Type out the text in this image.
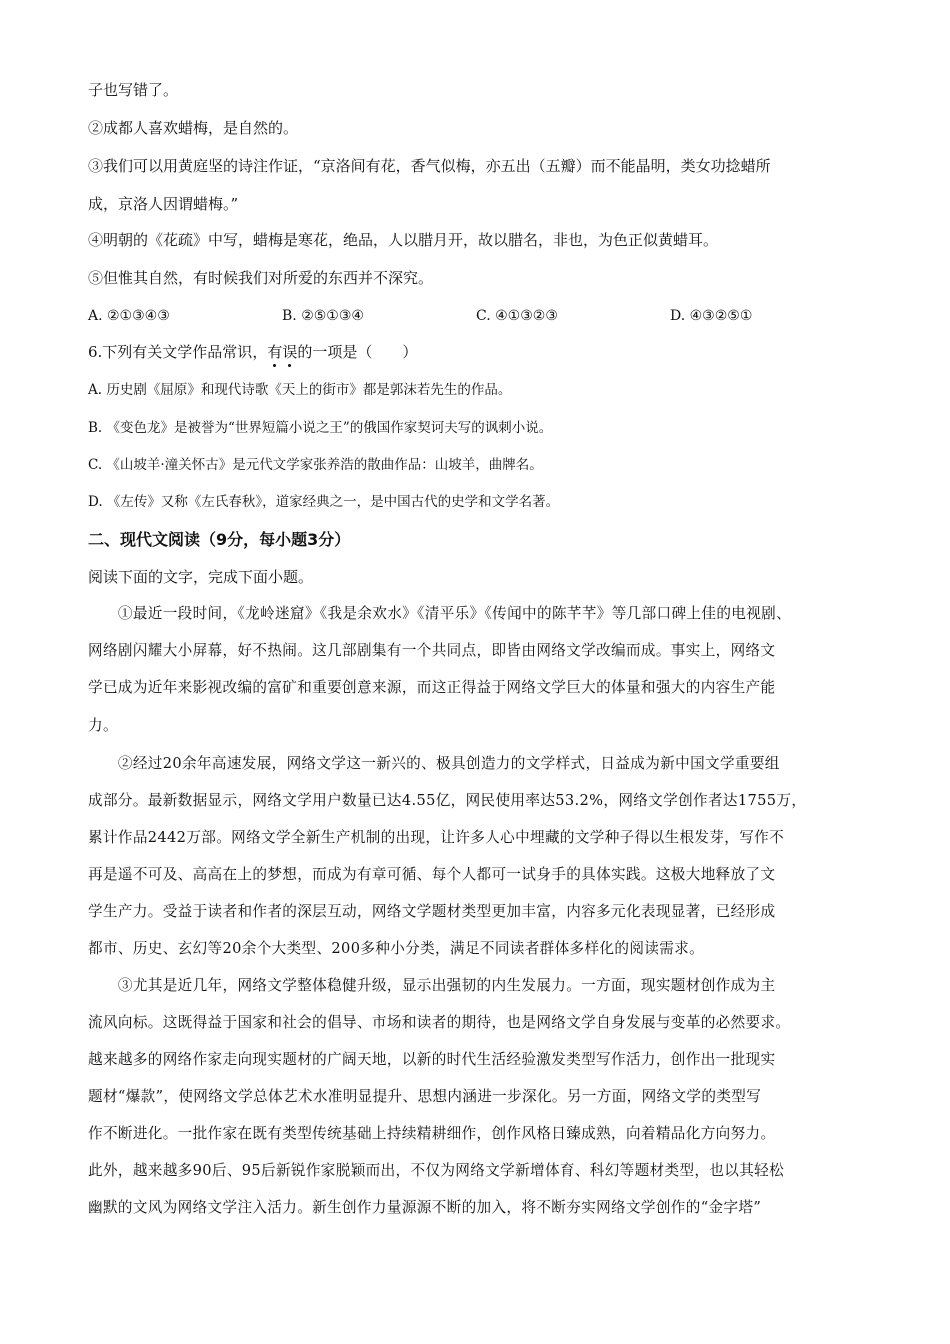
子也写错了。
②成都人喜欢蜡梅，是自然的。
③我们可以用黄庭坚的诗注作证，“京洛间有花，香气似梅，亦五出（五瓣）而不能晶明，类女功捻蜡所
成，京洛人因谓蜡梅。”
④明朝的《花疏》中写，蜡梅是寒花，绝品，人以腊月开，故以腊名，非也，为色正似黄蜡耳。
⑤但惟其自然，有时候我们对所爱的东西并不深究。
A. ②①③④③	B. ②⑤①③④	C. ④①③②③	D. ④③②⑤①
6.下列有关文学作品常识，有误的一项是（　　）
A. 历史剧《屈原》和现代诗歌《天上的街市》都是郭沫若先生的作品。
B. 《变色龙》是被誉为“世界短篇小说之王”的俄国作家契诃夫写的讽刺小说。
C. 《山坡羊·潼关怀古》是元代文学家张养浩的散曲作品：山坡羊，曲牌名。
D. 《左传》又称《左氏春秋》，道家经典之一，是中国古代的史学和文学名著。
二、现代文阅读（9分，每小题3分）
阅读下面的文字，完成下面小题。
　　①最近一段时间，《龙岭迷窟》《我是余欢水》《清平乐》《传闻中的陈芊芊》等几部口碑上佳的电视剧、
网络剧闪耀大小屏幕，好不热闹。这几部剧集有一个共同点，即皆由网络文学改编而成。事实上，网络文
学已成为近年来影视改编的富矿和重要创意来源，而这正得益于网络文学巨大的体量和强大的内容生产能
力。
　　②经过20余年高速发展，网络文学这一新兴的、极具创造力的文学样式，日益成为新中国文学重要组
成部分。最新数据显示，网络文学用户数量已达4.55亿，网民使用率达53.2%，网络文学创作者达1755万，
累计作品2442万部。网络文学全新生产机制的出现，让许多人心中埋藏的文学种子得以生根发芽，写作不
再是遥不可及、高高在上的梦想，而成为有章可循、每个人都可一试身手的具体实践。这极大地释放了文
学生产力。受益于读者和作者的深层互动，网络文学题材类型更加丰富，内容多元化表现显著，已经形成
都市、历史、玄幻等20余个大类型、200多种小分类，满足不同读者群体多样化的阅读需求。
　　③尤其是近几年，网络文学整体稳健升级，显示出强韧的内生发展力。一方面，现实题材创作成为主
流风向标。这既得益于国家和社会的倡导、市场和读者的期待，也是网络文学自身发展与变革的必然要求。
越来越多的网络作家走向现实题材的广阔天地，以新的时代生活经验激发类型写作活力，创作出一批现实
题材“爆款”，使网络文学总体艺术水准明显提升、思想内涵进一步深化。另一方面，网络文学的类型写
作不断进化。一批作家在既有类型传统基础上持续精耕细作，创作风格日臻成熟，向着精品化方向努力。
此外，越来越多90后、95后新锐作家脱颖而出，不仅为网络文学新增体育、科幻等题材类型，也以其轻松
幽默的文风为网络文学注入活力。新生创作力量源源不断的加入，将不断夯实网络文学创作的“金字塔”
